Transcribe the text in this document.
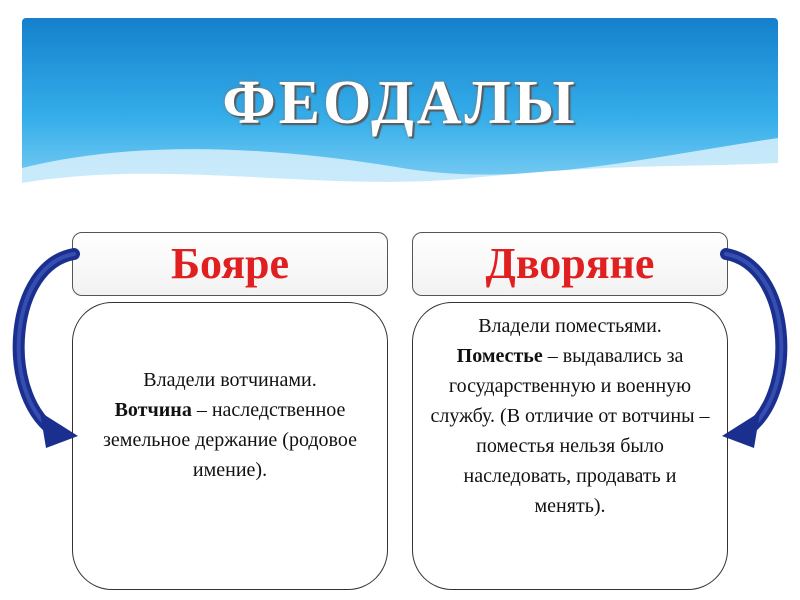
ФЕОДАЛЫ
Бояре	Дворяне

Владели вотчинами.
Вотчина – наследственное земельное держание (родовое имение).

Владели поместьями.
Поместье – выдавались за государственную и военную службу. (В отличие от вотчины – поместья нельзя было наследовать, продавать и менять).
